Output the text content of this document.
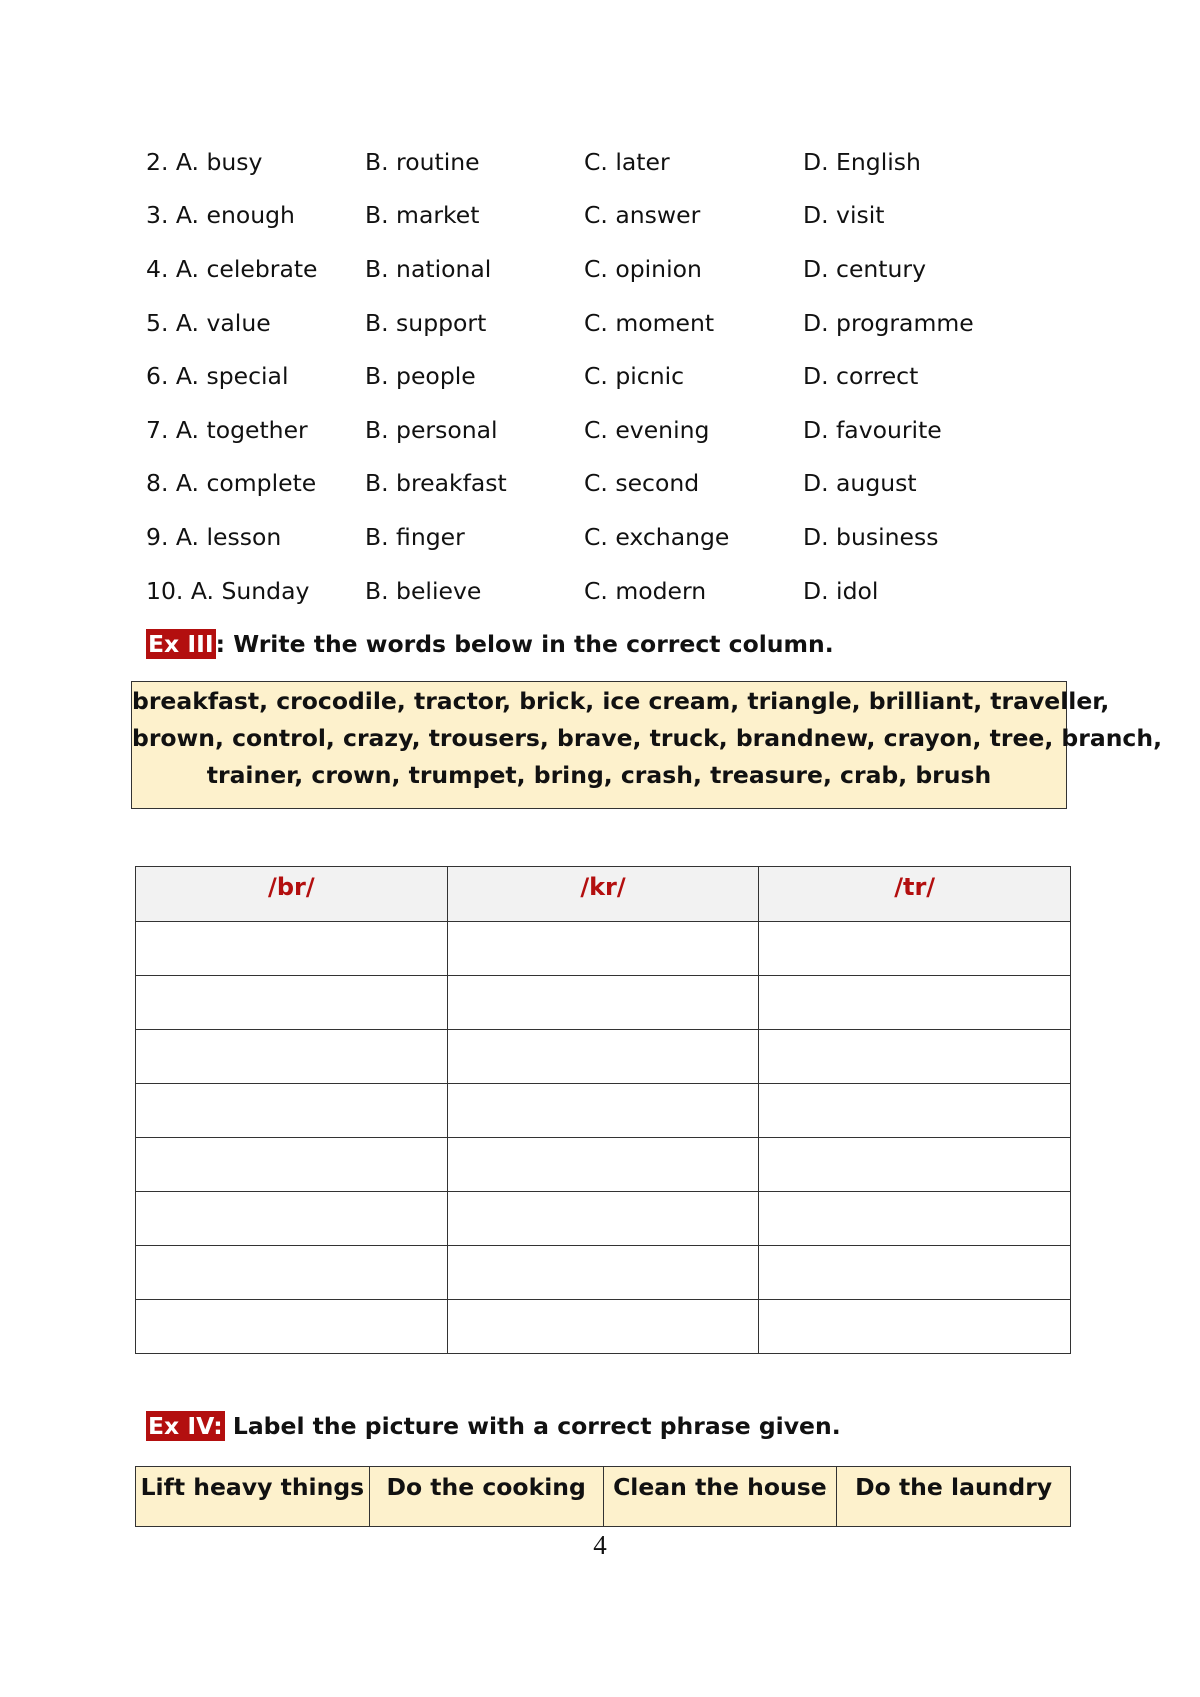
2. A. busy	B. routine	C. later	D. English
3. A. enough	B. market	C. answer	D. visit
4. A. celebrate	B. national	C. opinion	D. century
5. A. value	B. support	C. moment	D. programme
6. A. special	B. people	C. picnic	D. correct
7. A. together	B. personal	C. evening	D. favourite
8. A. complete	B. breakfast	C. second	D. august
9. A. lesson	B. finger	C. exchange	D. business
10. A. Sunday	B. believe	C. modern	D. idol
Ex III: Write the words below in the correct column.
breakfast, crocodile, tractor, brick, ice cream, triangle, brilliant, traveller,
brown, control, crazy, trousers, brave, truck, brandnew, crayon, tree, branch,
trainer, crown, trumpet, bring, crash, treasure, crab, brush
/br/	/kr/	/tr/

Ex IV: Label the picture with a correct phrase given.
Lift heavy things	Do the cooking	Clean the house	Do the laundry
4
